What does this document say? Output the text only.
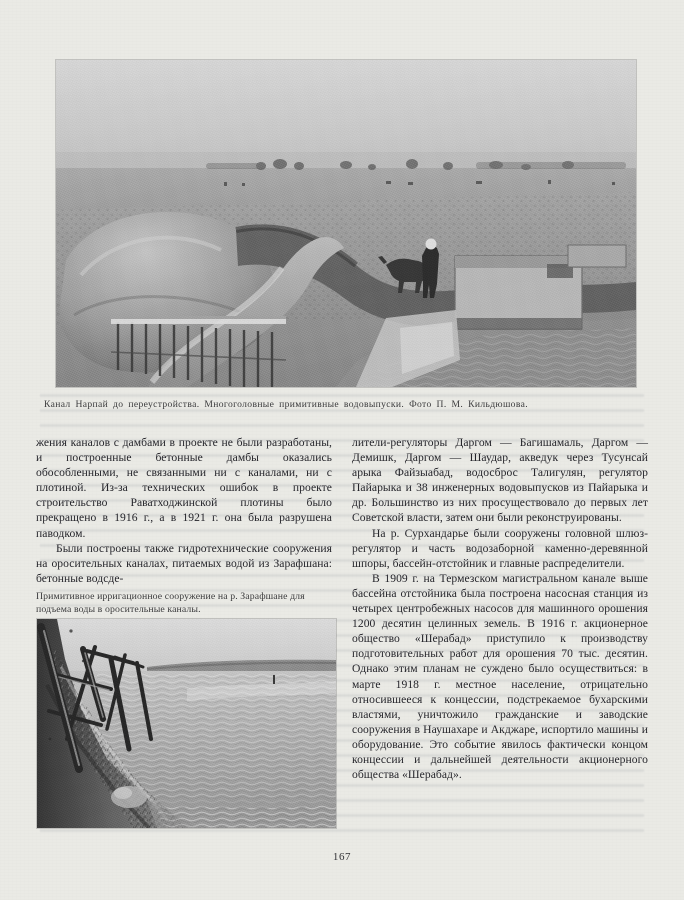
Канал Нарпай до переустройства. Многоголовные примитивные водовыпуски. Фото П. М. Кильдюшова.

жения каналов с дамбами в проекте не были разработаны, и построенные бетонные дамбы оказались обособленными, не связанными ни с каналами, ни с плотиной. Из-за технических ошибок в проекте строительство Раватходжинской плотины было прекращено в 1916 г., а в 1921 г. она была разрушена паводком.

Были построены также гидротехнические сооружения на оросительных каналах, питаемых водой из Зарафшана: бетонные водсде-

Примитивное ирригационное сооружение на р. Зарафшане для подъема воды в оросительные каналы.

лители-регуляторы Даргом — Багишамаль, Даргом — Демишк, Даргом — Шаудар, акведук через Тусунсай арыка Файзыабад, водосброс Талигулян, регулятор Пайарыка и 38 инженерных водовыпусков из Пайарыка и др. Большинство из них просуществовало до первых лет Советской власти, затем они были реконструированы.

На р. Сурхандарье были сооружены головной шлюз-регулятор и часть водозаборной каменно-деревянной шпоры, бассейн-отстойник и главные распределители.

В 1909 г. на Термезском магистральном канале выше бассейна отстойника была построена насосная станция из четырех центробежных насосов для машинного орошения 1200 десятин целинных земель. В 1916 г. акционерное общество «Шерабад» приступило к производству подготовительных работ для орошения 70 тыс. десятин. Однако этим планам не суждено было осуществиться: в марте 1918 г. местное население, отрицательно относившееся к концессии, подстрекаемое бухарскими властями, уничтожило гражданские и заводские сооружения в Наушахаре и Акджаре, испортило машины и оборудование. Это событие явилось фактически концом концессии и дальнейшей деятельности акционерного общества «Шерабад».

167
